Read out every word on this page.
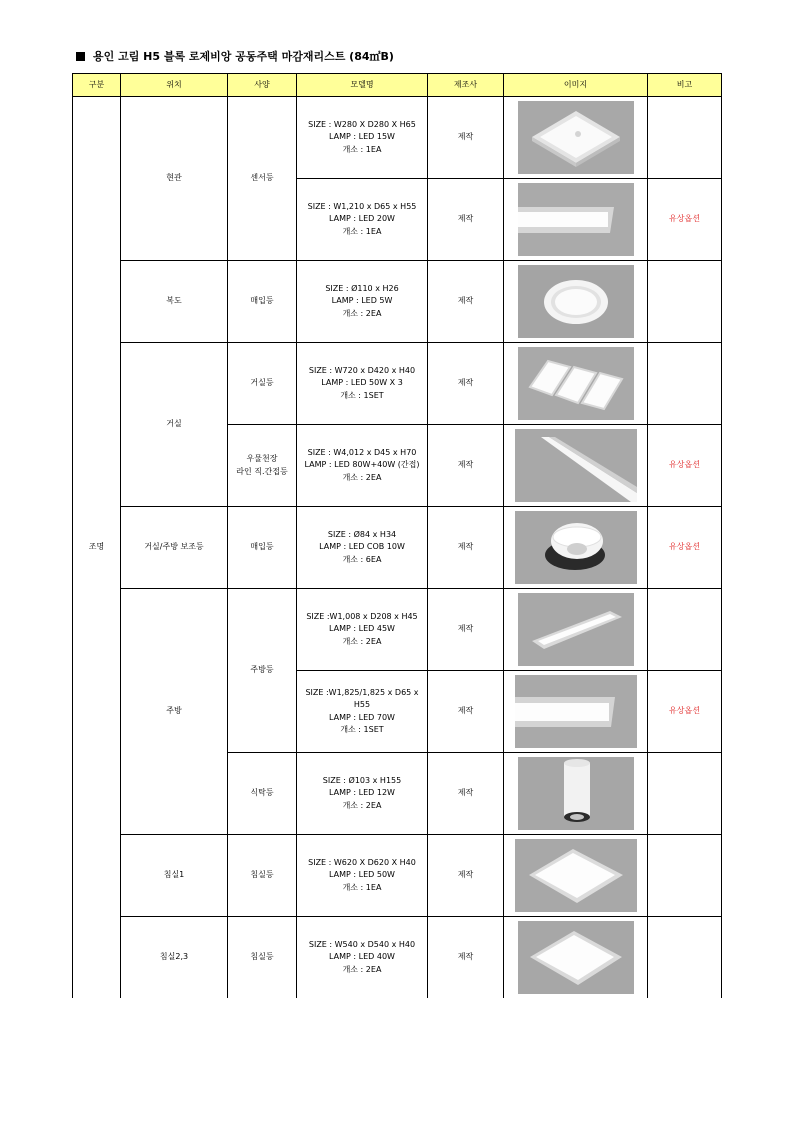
용인 고림 H5 블록 로제비앙 공동주택 마감재리스트 (84㎡B)
구분	위치	사양	모델명	제조사	이미지	비고
조명	현관	센서등	SIZE : W280 X D280 X H65
LAMP : LED 15W
개소 : 1EA	제작	

			SIZE : W1,210 x D65 x H55
LAMP : LED 20W
개소 : 1EA	제작		유상옵션
	복도	매입등	SIZE : Ø110 x H26
LAMP : LED 5W
개소 : 2EA	제작	

	거실	거실등	SIZE : W720 x D420 x H40
LAMP : LED 50W X 3
개소 : 1SET	제작	

		우물천장
라인 직.간접등	SIZE : W4,012 x D45 x H70
LAMP : LED 80W+40W (간접)
개소 : 2EA	제작		유상옵션
	거실/주방 보조등	매입등	SIZE : Ø84 x H34
LAMP : LED COB 10W
개소 : 6EA	제작		유상옵션
	주방	주방등	SIZE :W1,008 x D208 x H45
LAMP : LED 45W
개소 : 2EA	제작	

			SIZE :W1,825/1,825 x D65 x H55
LAMP : LED 70W
개소 : 1SET	제작		유상옵션
		식탁등	SIZE : Ø103 x H155
LAMP : LED 12W
개소 : 2EA	제작	

	침실1	침실등	SIZE : W620 X D620 X H40
LAMP : LED 50W
개소 : 1EA	제작	

	침실2,3	침실등	SIZE : W540 x D540 x H40
LAMP : LED 40W
개소 : 2EA	제작	
